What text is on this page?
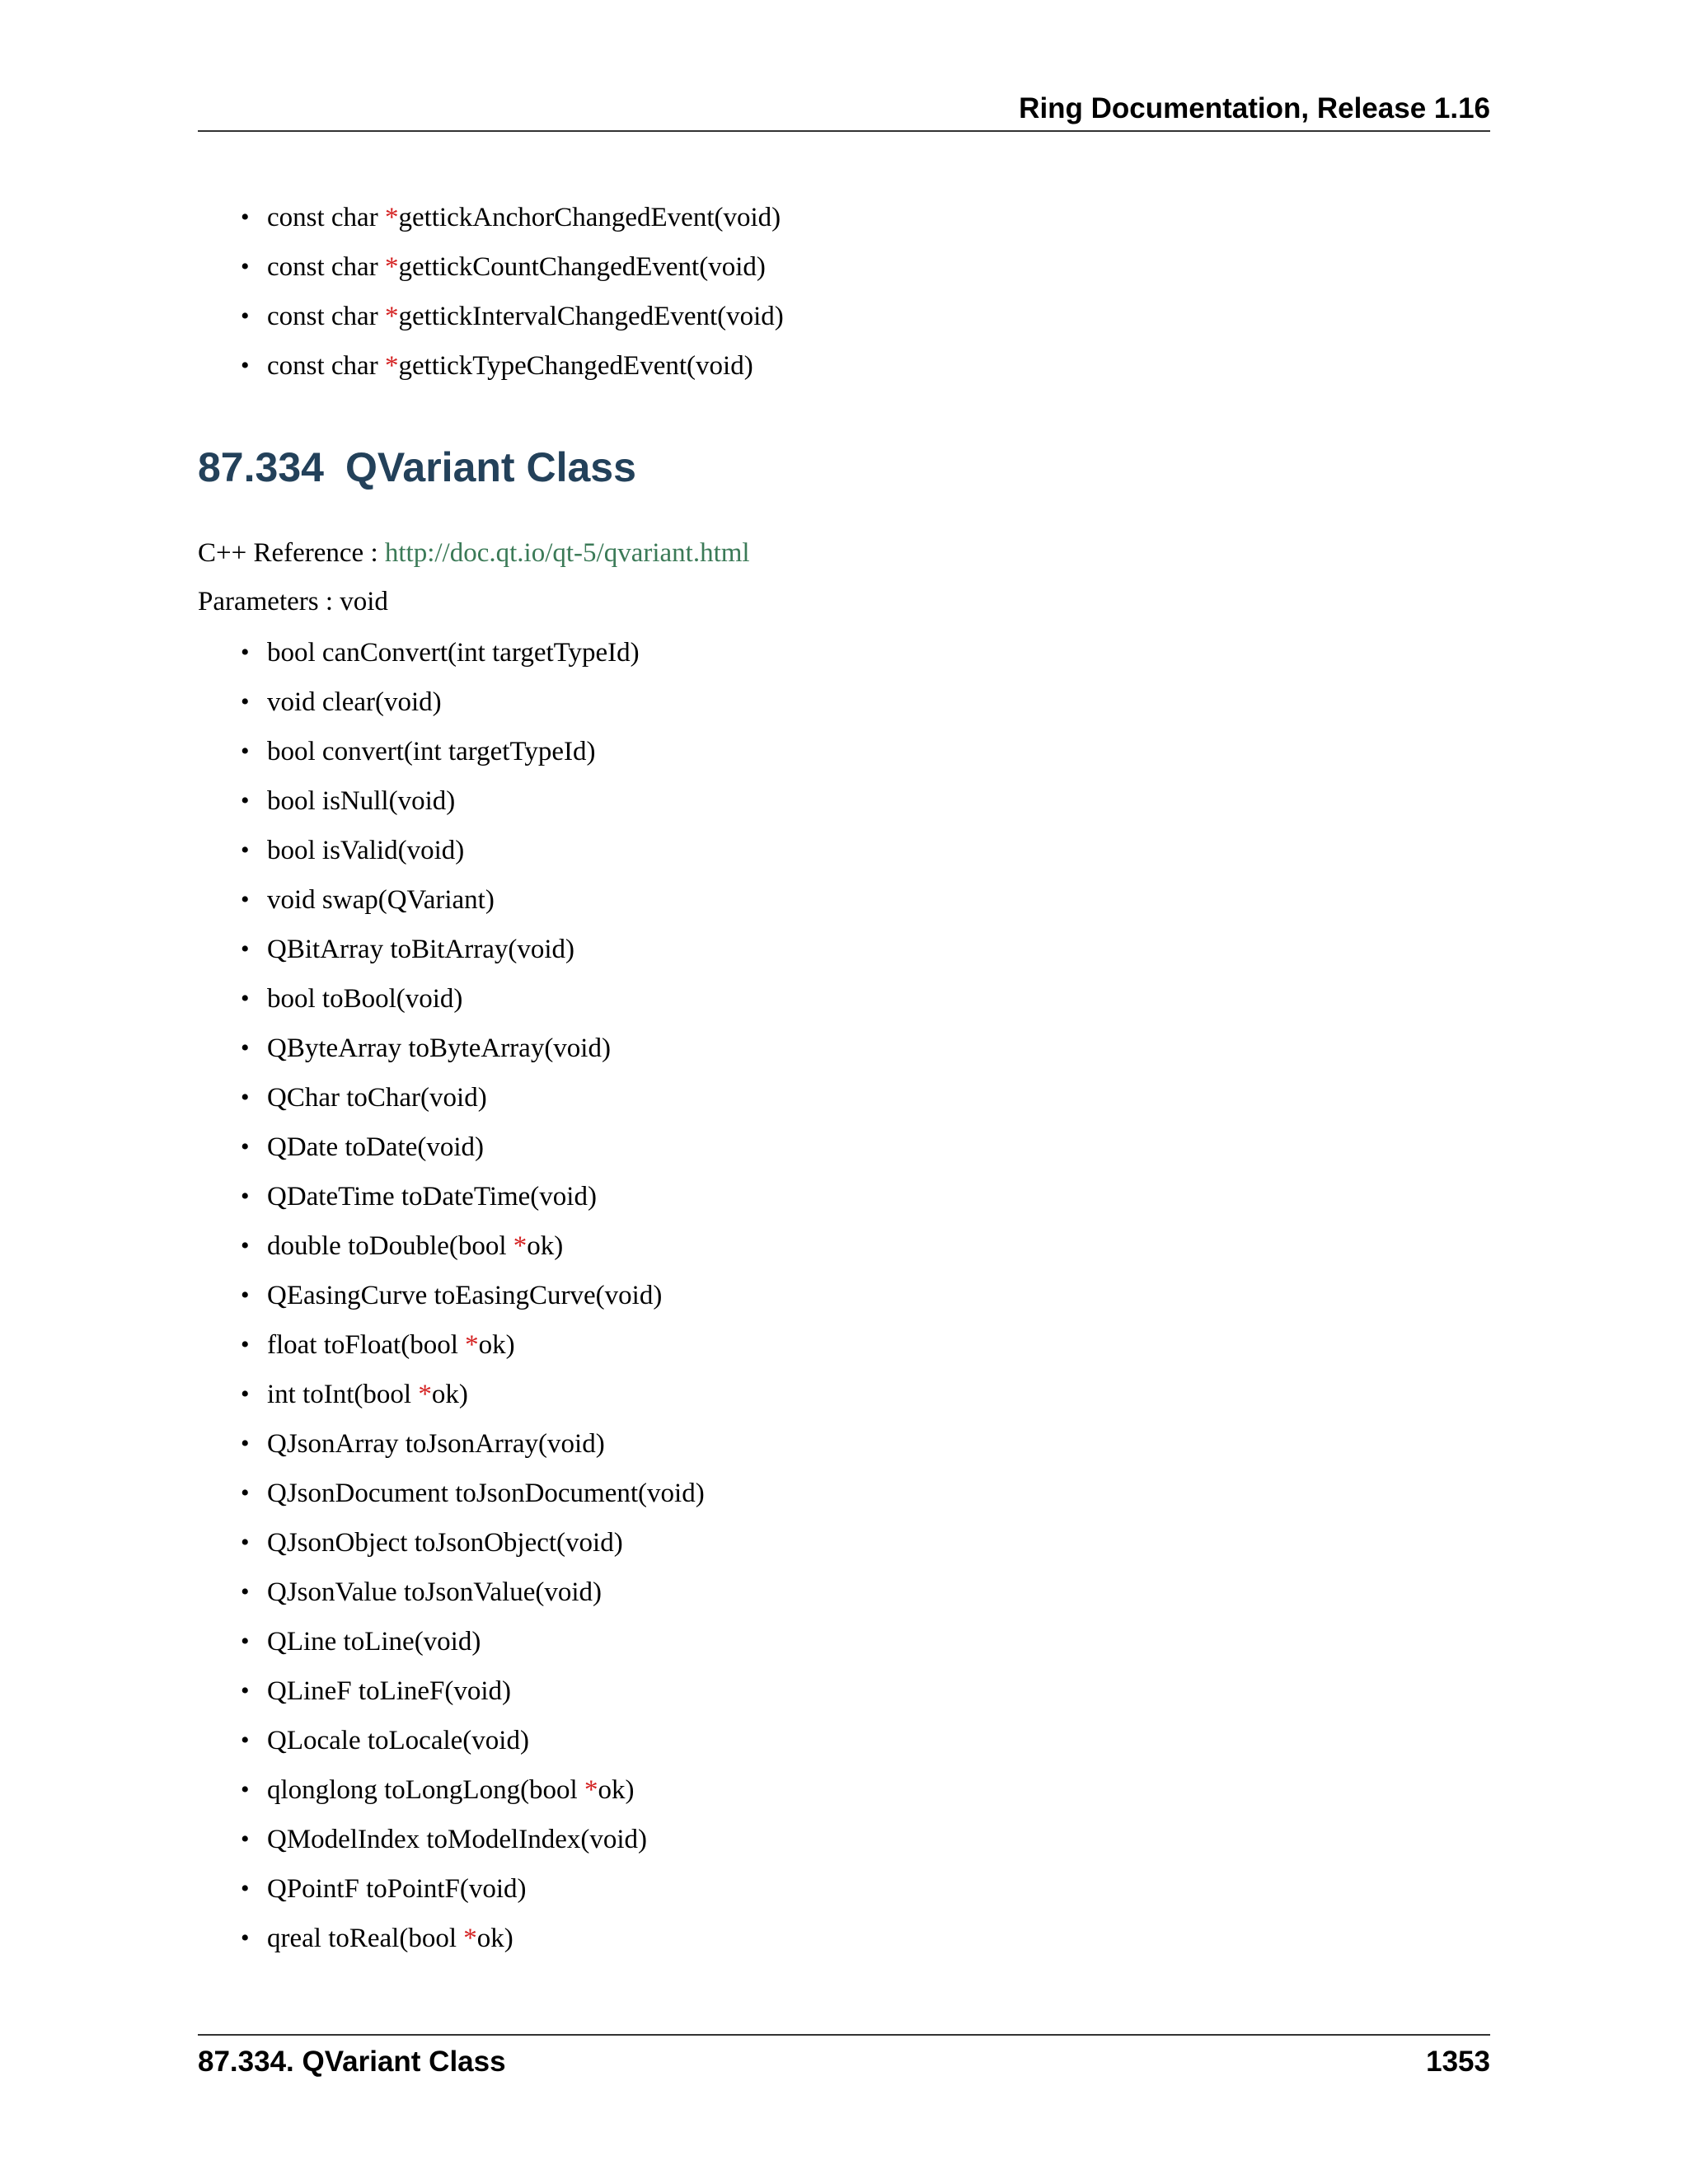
Ring Documentation, Release 1.16
• const char *gettickAnchorChangedEvent(void)
• const char *gettickCountChangedEvent(void)
• const char *gettickIntervalChangedEvent(void)
• const char *gettickTypeChangedEvent(void)
87.334 QVariant Class
C++ Reference : http://doc.qt.io/qt-5/qvariant.html
Parameters : void
• bool canConvert(int targetTypeId)
• void clear(void)
• bool convert(int targetTypeId)
• bool isNull(void)
• bool isValid(void)
• void swap(QVariant)
• QBitArray toBitArray(void)
• bool toBool(void)
• QByteArray toByteArray(void)
• QChar toChar(void)
• QDate toDate(void)
• QDateTime toDateTime(void)
• double toDouble(bool *ok)
• QEasingCurve toEasingCurve(void)
• float toFloat(bool *ok)
• int toInt(bool *ok)
• QJsonArray toJsonArray(void)
• QJsonDocument toJsonDocument(void)
• QJsonObject toJsonObject(void)
• QJsonValue toJsonValue(void)
• QLine toLine(void)
• QLineF toLineF(void)
• QLocale toLocale(void)
• qlonglong toLongLong(bool *ok)
• QModelIndex toModelIndex(void)
• QPointF toPointF(void)
• qreal toReal(bool *ok)
87.334. QVariant Class	1353
